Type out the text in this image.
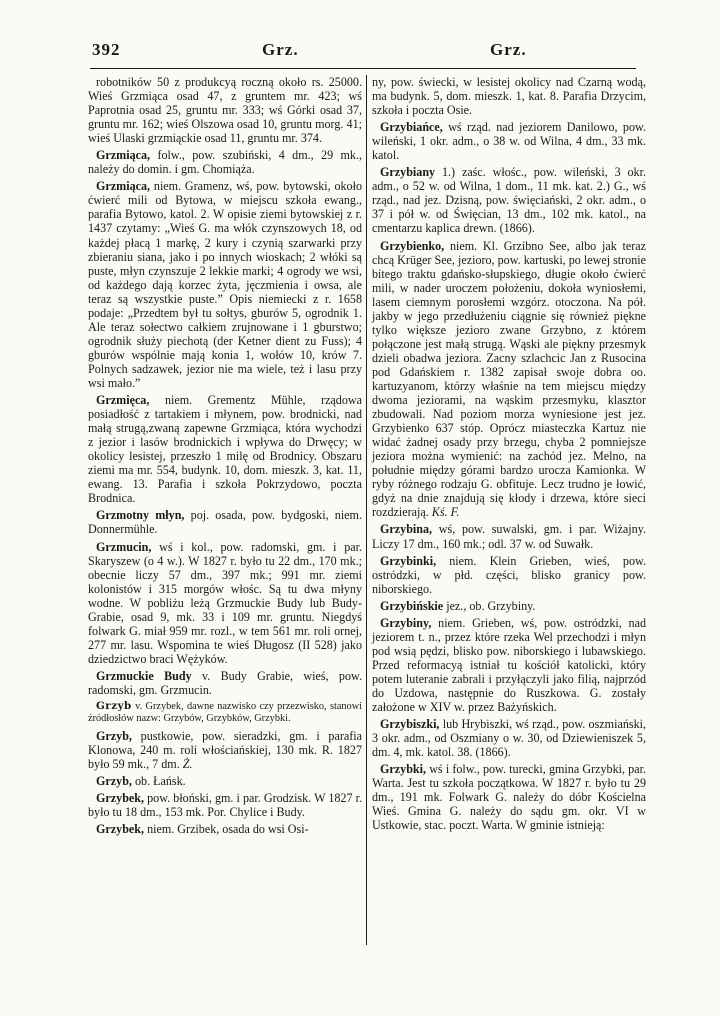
392	Grz.	Grz.

robotników 50 z produkcyą roczną około rs. 25000. Wieś Grzmiąca osad 47, z gruntem mr. 423; wś Paprotnia osad 25, gruntu mr. 333; wś Górki osad 37, gruntu mr. 162; wieś Olszowa osad 10, gruntu morg. 41; wieś Ulaski grzmiąckie osad 11, gruntu mr. 374.

Grzmiąca, folw., pow. szubiński, 4 dm., 29 mk., należy do domin. i gm. Chomiąża.

Grzmiąca, niem. Gramenz, wś, pow. bytowski, około ćwierć mili od Bytowa, w miejscu szkoła ewang., parafia Bytowo, katol. 2. W opisie ziemi bytowskiej z r. 1437 czytamy: „Wieś G. ma włók czynszowych 18, od każdej płacą 1 markę, 2 kury i czynią szarwarki przy zbieraniu siana, jako i po innych wioskach; 2 włóki są puste, młyn czynszuje 2 lekkie marki; 4 ogrody we wsi, od każdego dają korzec żyta, jęczmienia i owsa, ale teraz są wszystkie puste.” Opis niemiecki z r. 1658 podaje: „Przedtem był tu sołtys, gburów 5, ogrodnik 1. Ale teraz sołectwo całkiem zrujnowane i 1 gburstwo; ogrodnik służy piechotą (der Ketner dient zu Fuss); 4 gburów wspólnie mają konia 1, wołów 10, krów 7. Polnych sadzawek, jezior nie ma wiele, też i lasu przy wsi mało.”

Grzmięca, niem. Grementz Mühle, rządowa posiadłość z tartakiem i młynem, pow. brodnicki, nad małą strugą,zwaną zapewne Grzmiąca, która wychodzi z jezior i lasów brodnickich i wpływa do Drwęcy; w okolicy lesistej, przeszło 1 milę od Brodnicy. Obszaru ziemi ma mr. 554, budynk. 10, dom. mieszk. 3, kat. 11, ewang. 13. Parafia i szkoła Pokrzydowo, poczta Brodnica.

Grzmotny młyn, poj. osada, pow. bydgoski, niem. Donnermühle.

Grzmucin, wś i kol., pow. radomski, gm. i par. Skaryszew (o 4 w.). W 1827 r. było tu 22 dm., 170 mk.; obecnie liczy 57 dm., 397 mk.; 991 mr. ziemi kolonistów i 315 morgów włośc. Są tu dwa młyny wodne. W pobliżu leżą Grzmuckie Budy lub Budy-Grabie, osad 9, mk. 33 i 109 mr. gruntu. Niegdyś folwark G. miał 959 mr. rozl., w tem 561 mr. roli ornej, 277 mr. lasu. Wspomina te wieś Długosz (II 528) jako dziedzictwo braci Wężyków.

Grzmuckie Budy v. Budy Grabie, wieś, pow. radomski, gm. Grzmucin.

Grzyb v. Grzybek, dawne nazwisko czy przezwisko, stanowi źródłosłów nazw: Grzybów, Grzybków, Grzybki.

Grzyb, pustkowie, pow. sieradzki, gm. i parafia Klonowa, 240 m. roli włościańskiej, 130 mk. R. 1827 było 59 mk., 7 dm. Ż.

Grzyb, ob. Łańsk.

Grzybek, pow. błoński, gm. i par. Grodzisk. W 1827 r. było tu 18 dm., 153 mk. Por. Chylice i Budy.

Grzybek, niem. Grzibek, osada do wsi Osi-

ny, pow. świecki, w lesistej okolicy nad Czarną wodą, ma budynk. 5, dom. mieszk. 1, kat. 8. Parafia Drzycim, szkoła i poczta Osie.

Grzybiańce, wś rząd. nad jeziorem Danilowo, pow. wileński, 1 okr. adm., o 38 w. od Wilna, 4 dm., 33 mk. katol.

Grzybiany 1.) zaśc. włośc., pow. wileński, 3 okr. adm., o 52 w. od Wilna, 1 dom., 11 mk. kat. 2.) G., wś rząd., nad jez. Dzisną, pow. święciański, 2 okr. adm., o 37 i pół w. od Święcian, 13 dm., 102 mk. katol., na cmentarzu kaplica drewn. (1866).

Grzybienko, niem. Kl. Grzibno See, albo jak teraz chcą Krüger See, jezioro, pow. kartuski, po lewej stronie bitego traktu gdańsko-słupskiego, długie około ćwierć mili, w nader uroczem położeniu, dokoła wyniosłemi, lasem ciemnym porosłemi wzgórz. otoczona. Na pół. jakby w jego przedłużeniu ciągnie się również piękne tylko większe jezioro zwane Grzybno, z którem połączone jest małą strugą. Wąski ale piękny przesmyk dzieli obadwa jeziora. Zacny szlachcic Jan z Rusocina pod Gdańskiem r. 1382 zapisał swoje dobra oo. kartuzyanom, którzy właśnie na tem miejscu między dwoma jeziorami, na wąskim przesmyku, klasztor zbudowali. Nad poziom morza wyniesione jest jez. Grzybienko 637 stóp. Oprócz miasteczka Kartuz nie widać żadnej osady przy brzegu, chyba 2 pomniejsze jeziora można wymienić: na zachód jez. Melno, na południe między górami bardzo urocza Kamionka. W ryby różnego rodzaju G. obfituje. Lecz trudno je łowić, gdyż na dnie znajdują się kłody i drzewa, które sieci rozdzierają. Kś. F.

Grzybina, wś, pow. suwalski, gm. i par. Wiżajny. Liczy 17 dm., 160 mk.; odl. 37 w. od Suwałk.

Grzybinki, niem. Klein Grieben, wieś, pow. ostródzki, w płd. części, blisko granicy pow. niborskiego.

Grzybińskie jez., ob. Grzybiny.

Grzybiny, niem. Grieben, wś, pow. ostródzki, nad jeziorem t. n., przez które rzeka Wel przechodzi i młyn pod wsią pędzi, blisko pow. niborskiego i lubawskiego. Przed reformacyą istniał tu kościół katolicki, który potem luteranie zabrali i przyłączyli jako filią, najprzód do Uzdowa, następnie do Ruszkowa. G. zostały założone w XIV w. przez Bażyńskich.

Grzybiszki, lub Hrybiszki, wś rząd., pow. oszmiański, 3 okr. adm., od Oszmiany o w. 30, od Dziewieniszek 5, dm. 4, mk. katol. 38. (1866).

Grzybki, wś i folw., pow. turecki, gmina Grzybki, par. Warta. Jest tu szkoła początkowa. W 1827 r. było tu 29 dm., 191 mk. Folwark G. należy do dóbr Kościelna Wieś. Gmina G. należy do sądu gm. okr. VI w Ustkowie, stac. poczt. Warta. W gminie istnieją:
